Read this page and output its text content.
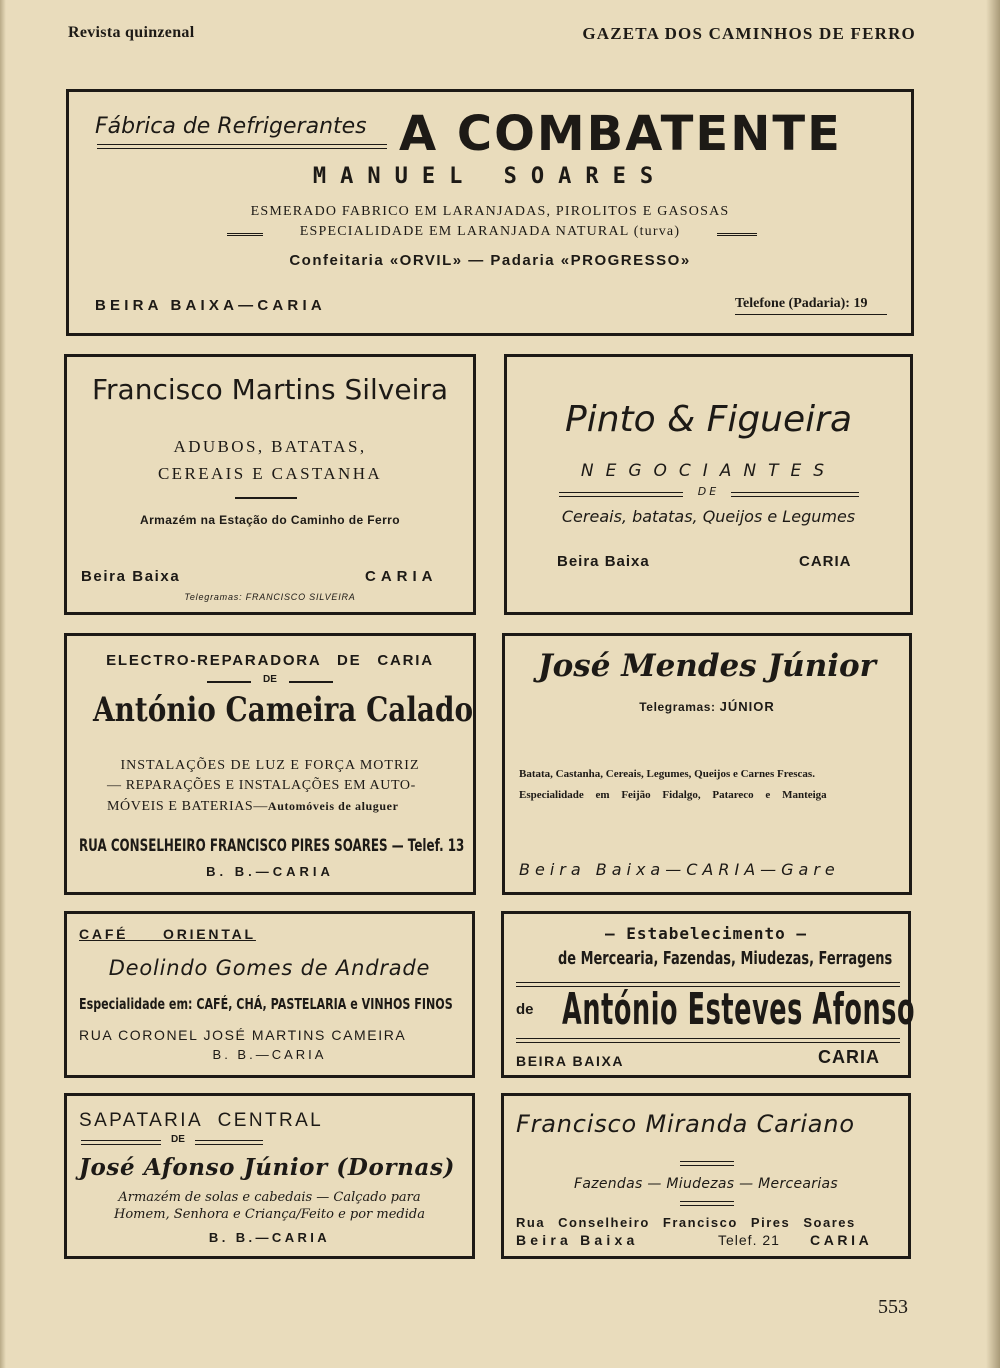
Revista quinzenal	GAZETA DOS CAMINHOS DE FERRO
Fábrica de Refrigerantes A COMBATENTE
MANUEL SOARES
ESMERADO FABRICO EM LARANJADAS, PIROLITOS E GASOSAS
ESPECIALIDADE EM LARANJADA NATURAL (turva)
Confeitaria «ORVIL» — Padaria «PROGRESSO»
BEIRA BAIXA—CARIA	Telefone (Padaria): 19
Francisco Martins Silveira
ADUBOS, BATATAS,
CEREAIS E CASTANHA
Armazém na Estação do Caminho de Ferro
Beira Baixa	CARIA
Telegramas: FRANCISCO SILVEIRA
Pinto & Figueira
NEGOCIANTES
DE
Cereais, batatas, Queijos e Legumes
Beira Baixa	CARIA
ELECTRO-REPARADORA DE CARIA
DE
António Cameira Calado
INSTALAÇÕES DE LUZ E FORÇA MOTRIZ
— REPARAÇÕES E INSTALAÇÕES EM AUTO-
MÓVEIS E BATERIAS—Automóveis de aluguer
RUA CONSELHEIRO FRANCISCO PIRES SOARES — Telef. 13
B. B.—CARIA
José Mendes Júnior
Telegramas: JÚNIOR
Batata, Castanha, Cereais, Legumes, Queijos e Carnes Frescas.
Especialidade em Feijão Fidalgo, Patareco e Manteiga
Beira Baixa—CARIA—Gare
CAFÉ ORIENTAL
Deolindo Gomes de Andrade
Especialidade em: CAFÉ, CHÁ, PASTELARIA e VINHOS FINOS
RUA CORONEL JOSÉ MARTINS CAMEIRA
B. B.—CARIA
— Estabelecimento —
de Mercearia, Fazendas, Miudezas, Ferragens
de António Esteves Afonso
BEIRA BAIXA	CARIA
SAPATARIA CENTRAL
DE
José Afonso Júnior (Dornas)
Armazém de solas e cabedais — Calçado para
Homem, Senhora e Criança/Feito e por medida
B. B.—CARIA
Francisco Miranda Cariano
Fazendas — Miudezas — Mercearias
Rua Conselheiro Francisco Pires Soares
Beira Baixa	Telef. 21 CARIA
553
